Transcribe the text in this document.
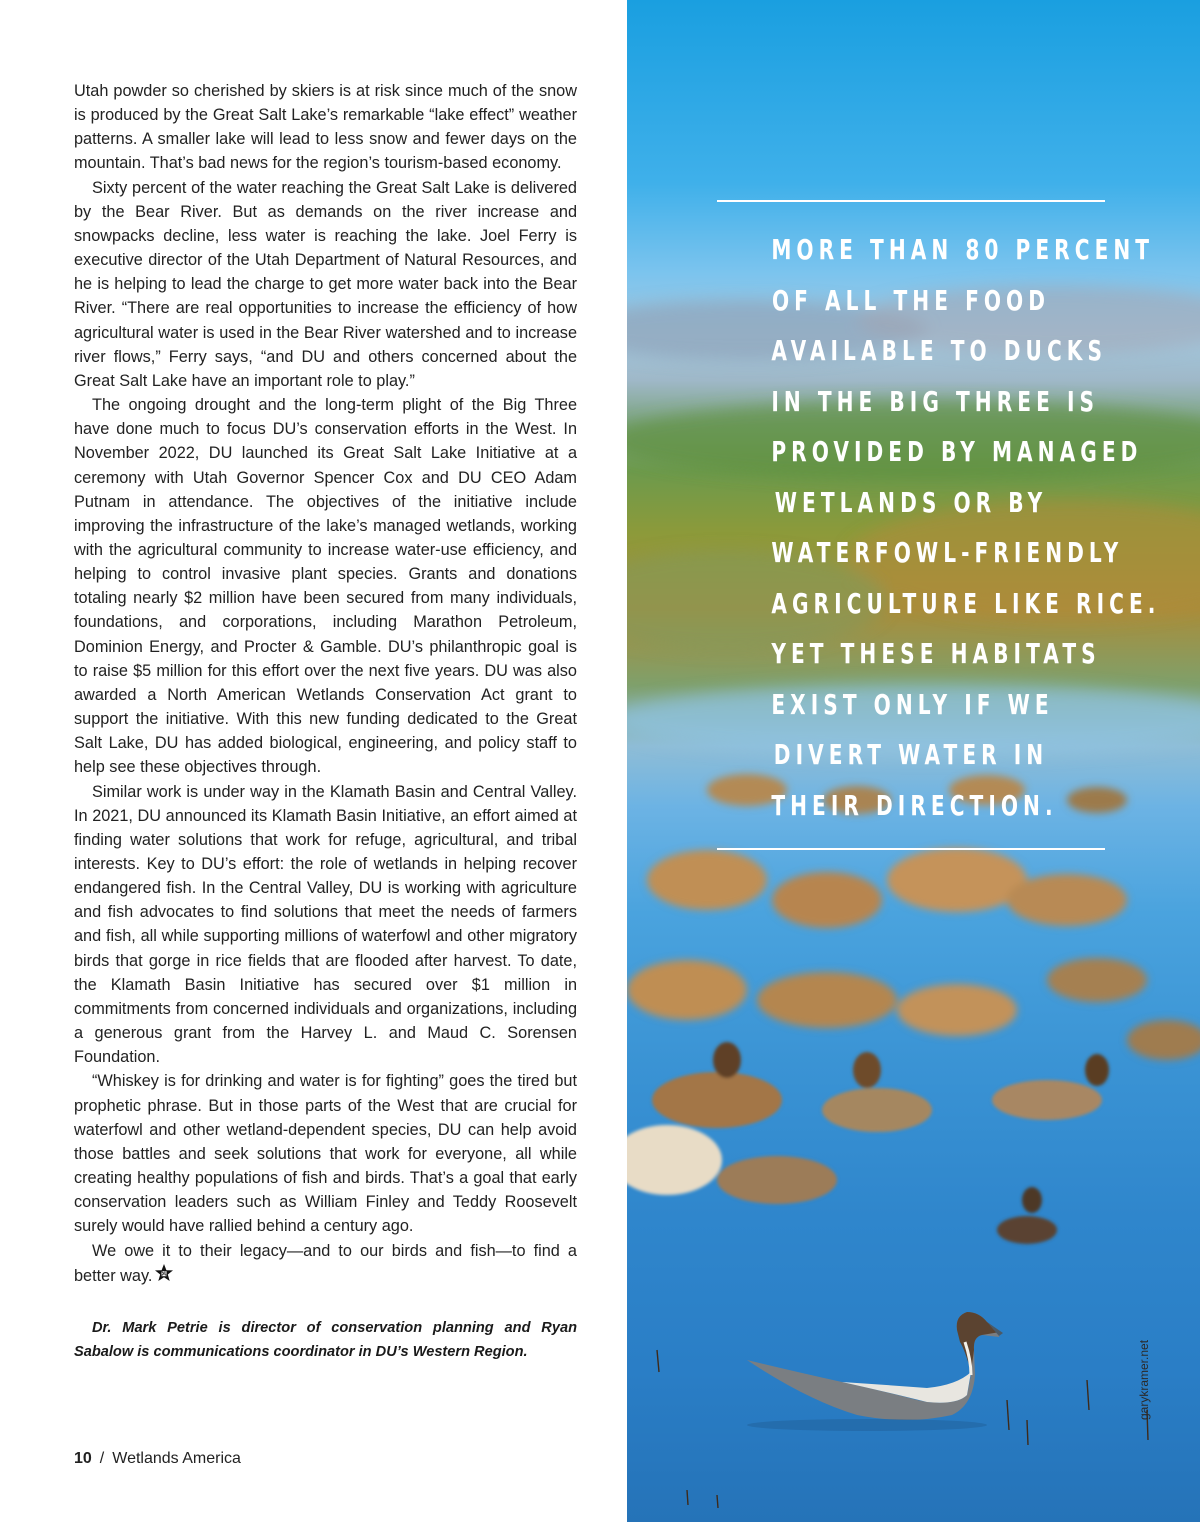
Utah powder so cherished by skiers is at risk since much of the snow is produced by the Great Salt Lake’s remarkable “lake effect” weather patterns. A smaller lake will lead to less snow and fewer days on the mountain. That’s bad news for the region’s tourism-based economy.

Sixty percent of the water reaching the Great Salt Lake is delivered by the Bear River. But as demands on the river increase and snowpacks decline, less water is reaching the lake. Joel Ferry is executive director of the Utah Department of Natural Resources, and he is helping to lead the charge to get more water back into the Bear River. “There are real opportunities to increase the efficiency of how agricultural water is used in the Bear River watershed and to increase river flows,” Ferry says, “and DU and others concerned about the Great Salt Lake have an important role to play.”

The ongoing drought and the long-term plight of the Big Three have done much to focus DU’s conservation efforts in the West. In November 2022, DU launched its Great Salt Lake Initiative at a ceremony with Utah Governor Spencer Cox and DU CEO Adam Putnam in attendance. The objectives of the initiative include improving the infrastructure of the lake’s managed wetlands, working with the agricultural community to increase water-use efficiency, and helping to control invasive plant species. Grants and donations totaling nearly $2 million have been secured from many individuals, foundations, and corporations, including Marathon Petroleum, Dominion Energy, and Procter & Gamble. DU’s philanthropic goal is to raise $5 million for this effort over the next five years. DU was also awarded a North American Wetlands Conservation Act grant to support the initiative. With this new funding dedicated to the Great Salt Lake, DU has added biological, engineering, and policy staff to help see these objectives through.

Similar work is under way in the Klamath Basin and Central Valley. In 2021, DU announced its Klamath Basin Initiative, an effort aimed at finding water solutions that work for refuge, agricultural, and tribal interests. Key to DU’s effort: the role of wetlands in helping recover endangered fish. In the Central Valley, DU is working with agriculture and fish advocates to find solutions that meet the needs of farmers and fish, all while supporting millions of waterfowl and other migratory birds that gorge in rice fields that are flooded after harvest. To date, the Klamath Basin Initiative has secured over $1 million in commitments from concerned individuals and organizations, including a generous grant from the Harvey L. and Maud C. Sorensen Foundation.

“Whiskey is for drinking and water is for fighting” goes the tired but prophetic phrase. But in those parts of the West that are crucial for waterfowl and other wetland-dependent species, DU can help avoid those battles and seek solutions that work for everyone, all while creating healthy populations of fish and birds. That’s a goal that early conservation leaders such as William Finley and Teddy Roosevelt surely would have rallied behind a century ago.

We owe it to their legacy—and to our birds and fish—to find a better way. DU

Dr. Mark Petrie is director of conservation planning and Ryan Sabalow is communications coordinator in DU’s Western Region.

10 / Wetlands America
MORE THAN 80 PERCENT
OF ALL THE FOOD
AVAILABLE TO DUCKS
IN THE BIG THREE IS
PROVIDED BY MANAGED
WETLANDS OR BY
WATERFOWL-FRIENDLY
AGRICULTURE LIKE RICE.
YET THESE HABITATS
EXIST ONLY IF WE
DIVERT WATER IN
THEIR DIRECTION.
garykramer.net
